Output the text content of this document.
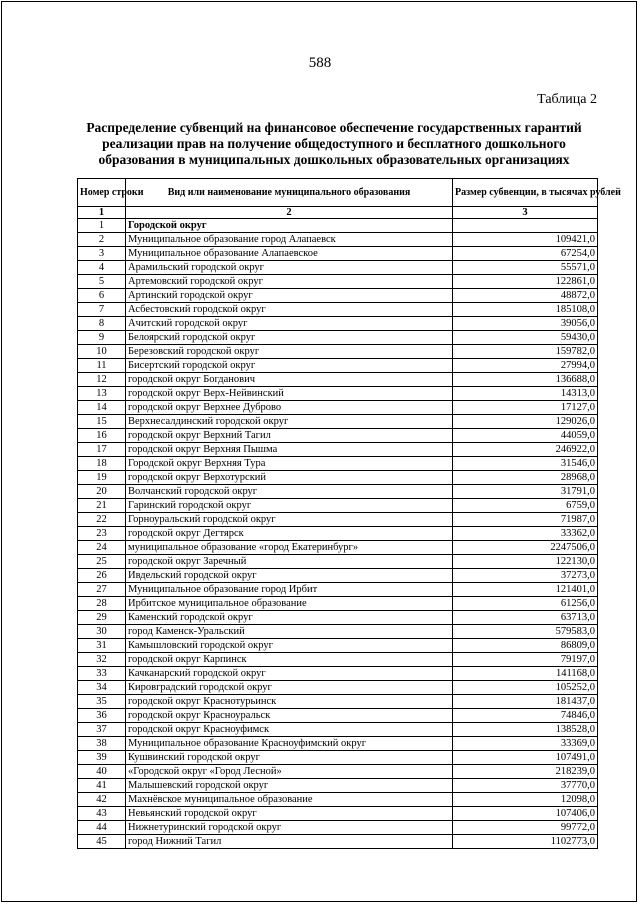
588
Таблица 2
Распределение субвенций на финансовое обеспечение государственных гарантий реализации прав на получение общедоступного и бесплатного дошкольного образования в муниципальных дошкольных образовательных организациях
Номер строки	Вид или наименование муниципального образования	Размер субвенции, в тысячах рублей
1	2	3
1	Городской округ	
2	Муниципальное образование город Алапаевск	109421,0
3	Муниципальное образование Алапаевское	67254,0
4	Арамильский городской округ	55571,0
5	Артемовский городской округ	122861,0
6	Артинский городской округ	48872,0
7	Асбестовский городской округ	185108,0
8	Ачитский городской округ	39056,0
9	Белоярский городской округ	59430,0
10	Березовский городской округ	159782,0
11	Бисертский городской округ	27994,0
12	городской округ Богданович	136688,0
13	городской округ Верх-Нейвинский	14313,0
14	городской округ Верхнее Дуброво	17127,0
15	Верхнесалдинский городской округ	129026,0
16	городской округ Верхний Тагил	44059,0
17	городской округ Верхняя Пышма	246922,0
18	Городской округ Верхняя Тура	31546,0
19	городской округ Верхотурский	28968,0
20	Волчанский городской округ	31791,0
21	Гаринский городской округ	6759,0
22	Горноуральский городской округ	71987,0
23	городской округ Дегтярск	33362,0
24	муниципальное образование «город Екатеринбург»	2247506,0
25	городской округ Заречный	122130,0
26	Ивдельский городской округ	37273,0
27	Муниципальное образование город Ирбит	121401,0
28	Ирбитское муниципальное образование	61256,0
29	Каменский городской округ	63713,0
30	город Каменск-Уральский	579583,0
31	Камышловский городской округ	86809,0
32	городской округ Карпинск	79197,0
33	Качканарский городской округ	141168,0
34	Кировградский городской округ	105252,0
35	городской округ Краснотурьинск	181437,0
36	городской округ Красноуральск	74846,0
37	городской округ Красноуфимск	138528,0
38	Муниципальное образование Красноуфимский округ	33369,0
39	Кушвинский городской округ	107491,0
40	«Городской округ «Город Лесной»	218239,0
41	Малышевский городской округ	37770,0
42	Махнёвское муниципальное образование	12098,0
43	Невьянский городской округ	107406,0
44	Нижнетуринский городской округ	99772,0
45	город Нижний Тагил	1102773,0
